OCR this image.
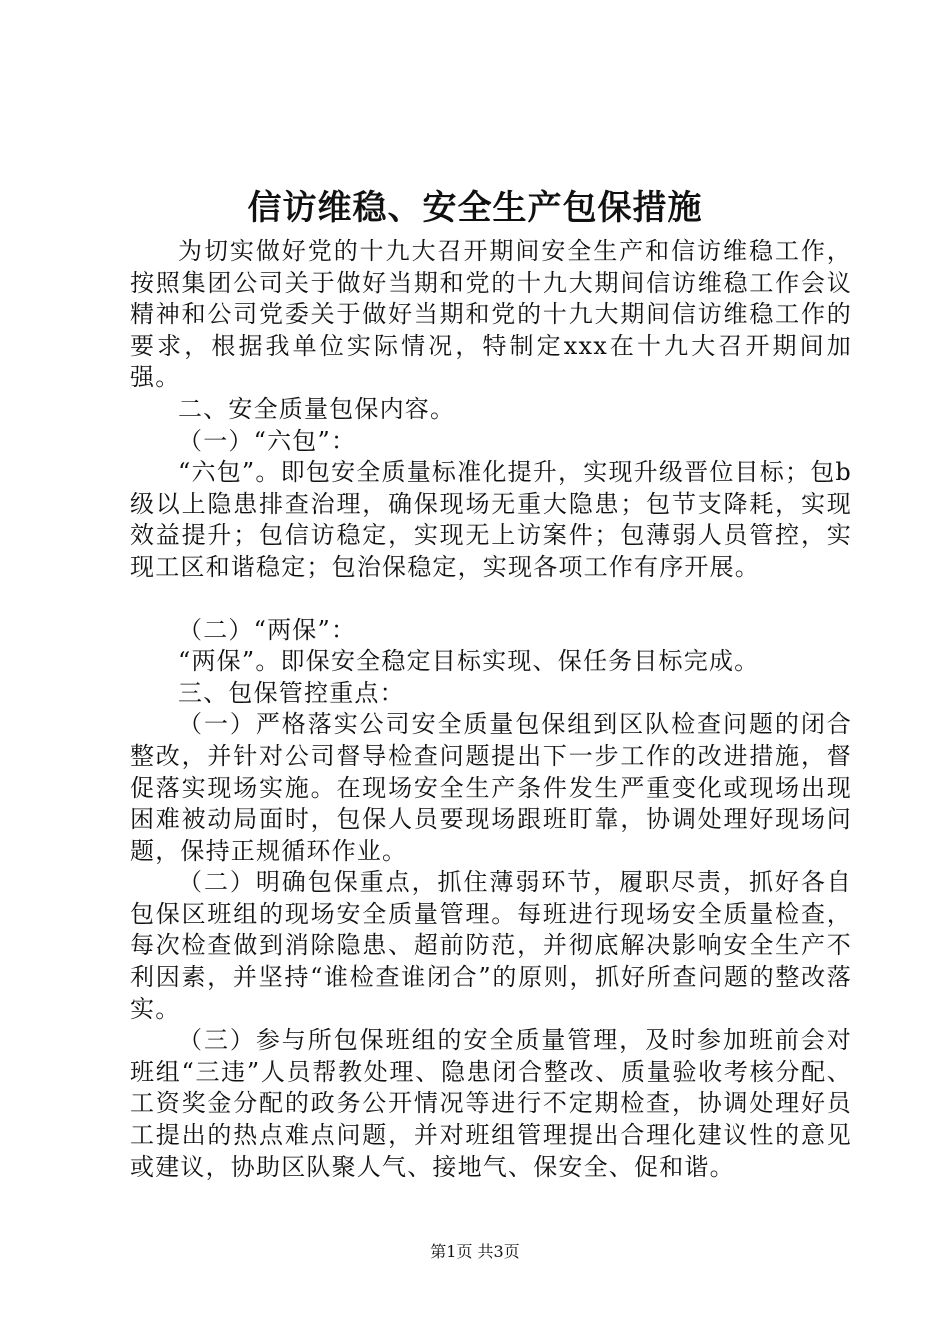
信访维稳、安全生产包保措施

为切实做好党的十九大召开期间安全生产和信访维稳工作，按照集团公司关于做好当期和党的十九大期间信访维稳工作会议精神和公司党委关于做好当期和党的十九大期间信访维稳工作的要求，根据我单位实际情况，特制定xxx在十九大召开期间加强。

二、安全质量包保内容。

（一）“六包”：

“六包”。即包安全质量标准化提升，实现升级晋位目标；包b级以上隐患排查治理，确保现场无重大隐患；包节支降耗，实现效益提升；包信访稳定，实现无上访案件；包薄弱人员管控，实现工区和谐稳定；包治保稳定，实现各项工作有序开展。

（二）“两保”：

“两保”。即保安全稳定目标实现、保任务目标完成。

三、包保管控重点：

（一）严格落实公司安全质量包保组到区队检查问题的闭合整改，并针对公司督导检查问题提出下一步工作的改进措施，督促落实现场实施。在现场安全生产条件发生严重变化或现场出现困难被动局面时，包保人员要现场跟班盯靠，协调处理好现场问题，保持正规循环作业。

（二）明确包保重点，抓住薄弱环节，履职尽责，抓好各自包保区班组的现场安全质量管理。每班进行现场安全质量检查，每次检查做到消除隐患、超前防范，并彻底解决影响安全生产不利因素，并坚持“谁检查谁闭合”的原则，抓好所查问题的整改落实。

（三）参与所包保班组的安全质量管理，及时参加班前会对班组“三违”人员帮教处理、隐患闭合整改、质量验收考核分配、工资奖金分配的政务公开情况等进行不定期检查，协调处理好员工提出的热点难点问题，并对班组管理提出合理化建议性的意见或建议，协助区队聚人气、接地气、保安全、促和谐。

第1页 共3页
